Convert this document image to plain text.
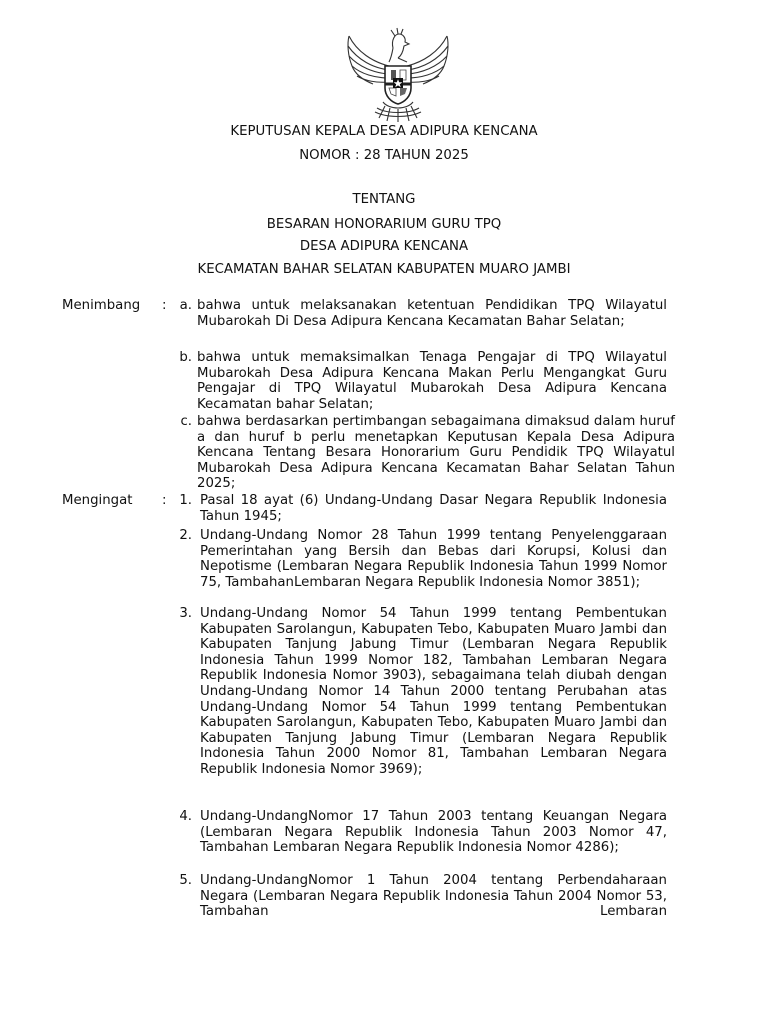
KEPUTUSAN KEPALA DESA ADIPURA KENCANA
NOMOR : 28 TAHUN 2025
TENTANG
BESARAN HONORARIUM GURU TPQ
DESA ADIPURA KENCANA
KECAMATAN BAHAR SELATAN KABUPATEN MUARO JAMBI
Menimbang : a. bahwa untuk melaksanakan ketentuan Pendidikan TPQ Wilayatul Mubarokah Di Desa Adipura Kencana Kecamatan Bahar Selatan;
b. bahwa untuk memaksimalkan Tenaga Pengajar di TPQ Wilayatul Mubarokah Desa Adipura Kencana Makan Perlu Mengangkat Guru Pengajar di TPQ Wilayatul Mubarokah Desa Adipura Kencana Kecamatan bahar Selatan;
c. bahwa berdasarkan pertimbangan sebagaimana dimaksud dalam huruf a dan huruf b perlu menetapkan Keputusan Kepala Desa Adipura Kencana Tentang Besara Honorarium Guru Pendidik TPQ Wilayatul Mubarokah Desa Adipura Kencana Kecamatan Bahar Selatan Tahun 2025;
Mengingat : 1. Pasal 18 ayat (6) Undang-Undang Dasar Negara Republik Indonesia Tahun 1945;
2. Undang-Undang Nomor 28 Tahun 1999 tentang Penyelenggaraan Pemerintahan yang Bersih dan Bebas dari Korupsi, Kolusi dan Nepotisme (Lembaran Negara Republik Indonesia Tahun 1999 Nomor 75, TambahanLembaran Negara Republik Indonesia Nomor 3851);
3. Undang-Undang Nomor 54 Tahun 1999 tentang Pembentukan Kabupaten Sarolangun, Kabupaten Tebo, Kabupaten Muaro Jambi dan Kabupaten Tanjung Jabung Timur (Lembaran Negara Republik Indonesia Tahun 1999 Nomor 182, Tambahan Lembaran Negara Republik Indonesia Nomor 3903), sebagaimana telah diubah dengan Undang-Undang Nomor 14 Tahun 2000 tentang Perubahan atas Undang-Undang Nomor 54 Tahun 1999 tentang Pembentukan Kabupaten Sarolangun, Kabupaten Tebo, Kabupaten Muaro Jambi dan Kabupaten Tanjung Jabung Timur (Lembaran Negara Republik Indonesia Tahun 2000 Nomor 81, Tambahan Lembaran Negara Republik Indonesia Nomor 3969);
4. Undang-UndangNomor 17 Tahun 2003 tentang Keuangan Negara (Lembaran Negara Republik Indonesia Tahun 2003 Nomor 47, Tambahan Lembaran Negara Republik Indonesia Nomor 4286);
5. Undang-UndangNomor 1 Tahun 2004 tentang Perbendaharaan Negara (Lembaran Negara Republik Indonesia Tahun 2004 Nomor 53, Tambahan Lembaran
